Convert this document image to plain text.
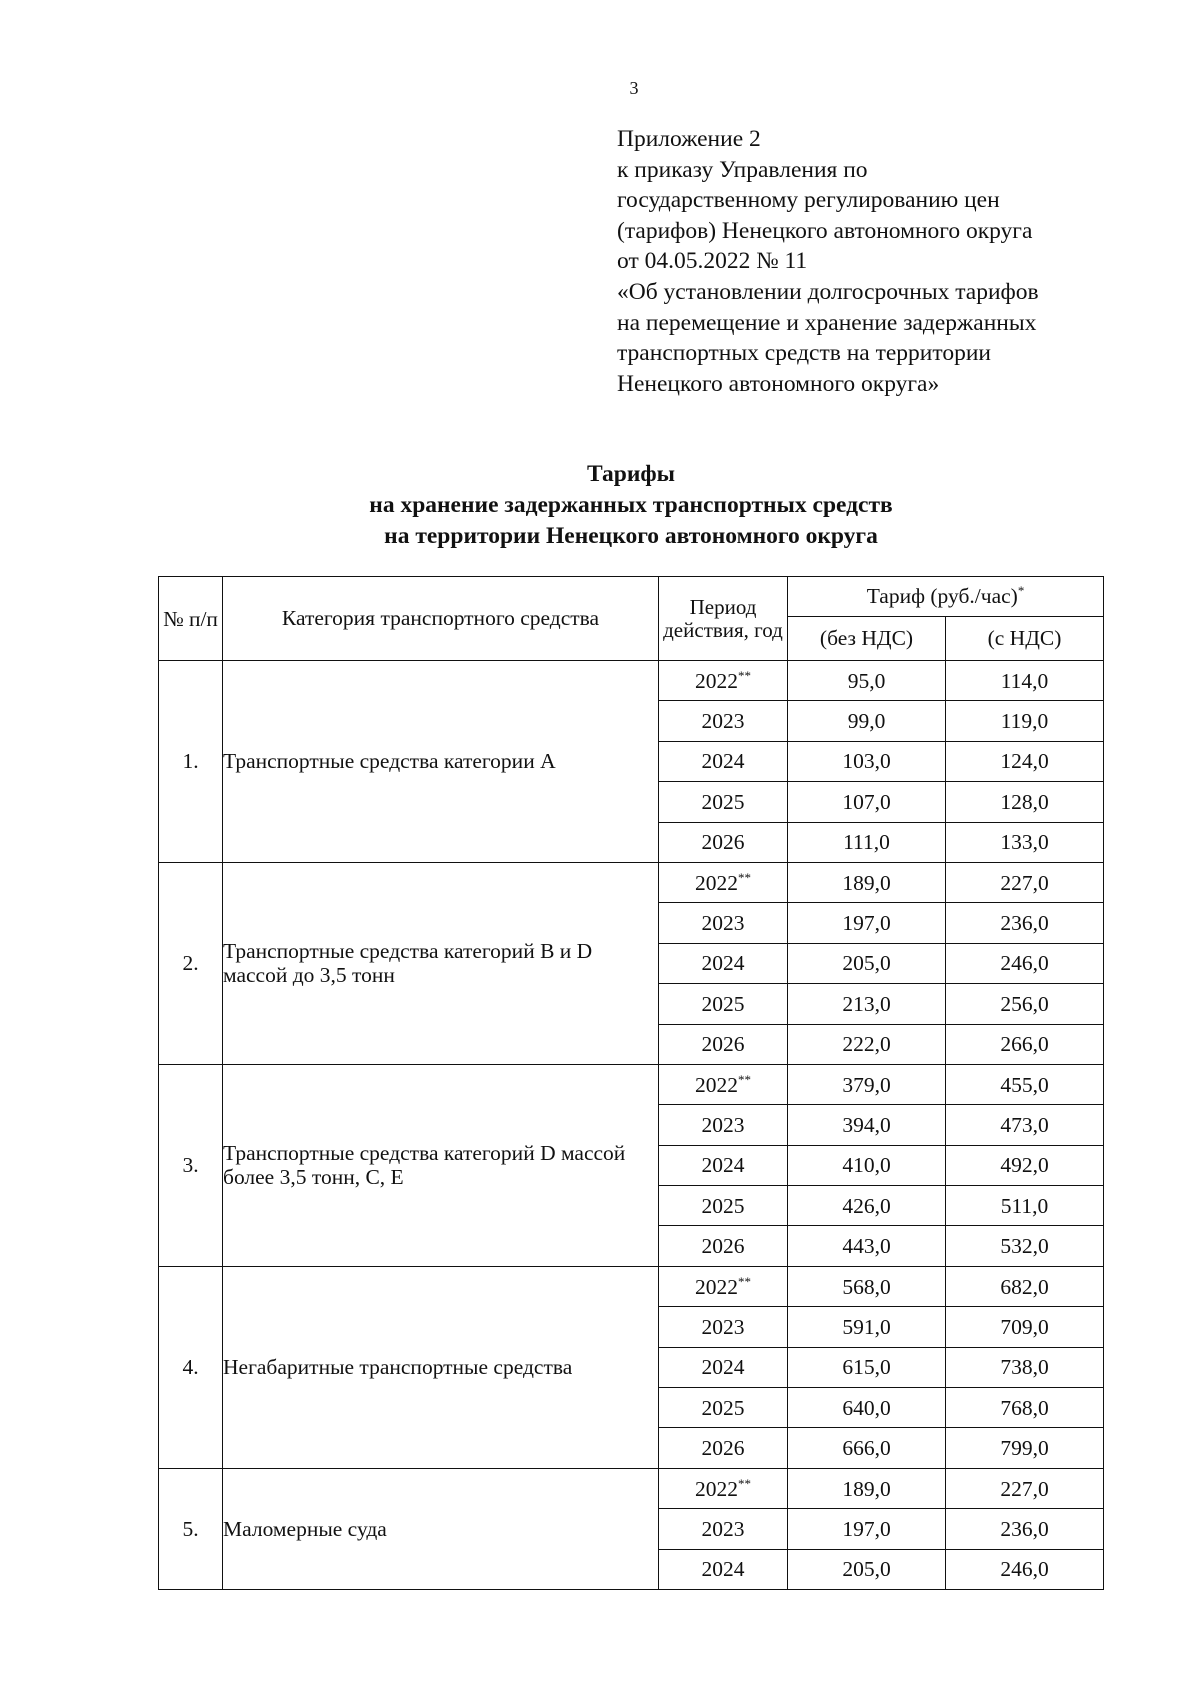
3
Приложение 2
к приказу Управления по
государственному регулированию цен
(тарифов) Ненецкого автономного округа
от 04.05.2022 № 11
«Об установлении долгосрочных тарифов
на перемещение и хранение задержанных
транспортных средств на территории
Ненецкого автономного округа»
Тарифы
на хранение задержанных транспортных средств
на территории Ненецкого автономного округа
№ п/п	Категория транспортного средства	Период действия, год	Тариф (руб./час)*
			(без НДС)	(с НДС)
1.	Транспортные средства категории А	2022**	95,0	114,0
		2023	99,0	119,0
		2024	103,0	124,0
		2025	107,0	128,0
		2026	111,0	133,0
2.	Транспортные средства категорий B и D массой до 3,5 тонн	2022**	189,0	227,0
		2023	197,0	236,0
		2024	205,0	246,0
		2025	213,0	256,0
		2026	222,0	266,0
3.	Транспортные средства категорий D массой более 3,5 тонн, C, E	2022**	379,0	455,0
		2023	394,0	473,0
		2024	410,0	492,0
		2025	426,0	511,0
		2026	443,0	532,0
4.	Негабаритные транспортные средства	2022**	568,0	682,0
		2023	591,0	709,0
		2024	615,0	738,0
		2025	640,0	768,0
		2026	666,0	799,0
5.	Маломерные суда	2022**	189,0	227,0
		2023	197,0	236,0
		2024	205,0	246,0
